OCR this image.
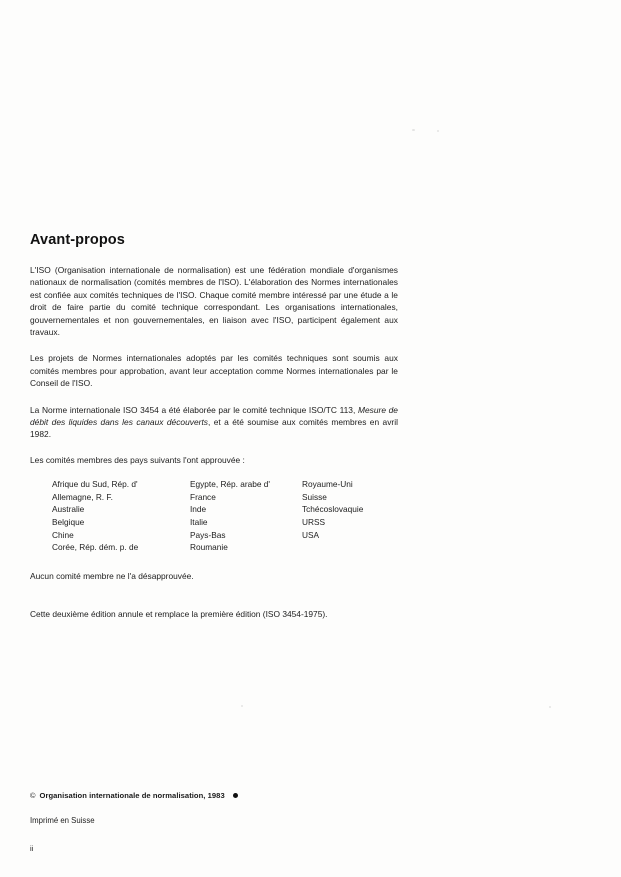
Avant-propos

L'ISO (Organisation internationale de normalisation) est une fédération mondiale d'organismes nationaux de normalisation (comités membres de l'ISO). L'élaboration des Normes internationales est confiée aux comités techniques de l'ISO. Chaque comité membre intéressé par une étude a le droit de faire partie du comité technique correspondant. Les organisations internationales, gouvernementales et non gouvernementales, en liaison avec l'ISO, participent également aux travaux.

Les projets de Normes internationales adoptés par les comités techniques sont soumis aux comités membres pour approbation, avant leur acceptation comme Normes internationales par le Conseil de l'ISO.

La Norme internationale ISO 3454 a été élaborée par le comité technique ISO/TC 113, Mesure de débit des liquides dans les canaux découverts, et a été soumise aux comités membres en avril 1982.

Les comités membres des pays suivants l'ont approuvée :

Afrique du Sud, Rép. d'	Egypte, Rép. arabe d'	Royaume-Uni
Allemagne, R. F.	France	Suisse
Australie	Inde	Tchécoslovaquie
Belgique	Italie	URSS
Chine	Pays-Bas	USA
Corée, Rép. dém. p. de	Roumanie

Aucun comité membre ne l'a désapprouvée.

Cette deuxième édition annule et remplace la première édition (ISO 3454-1975).

© Organisation internationale de normalisation, 1983
Imprimé en Suisse
ii
